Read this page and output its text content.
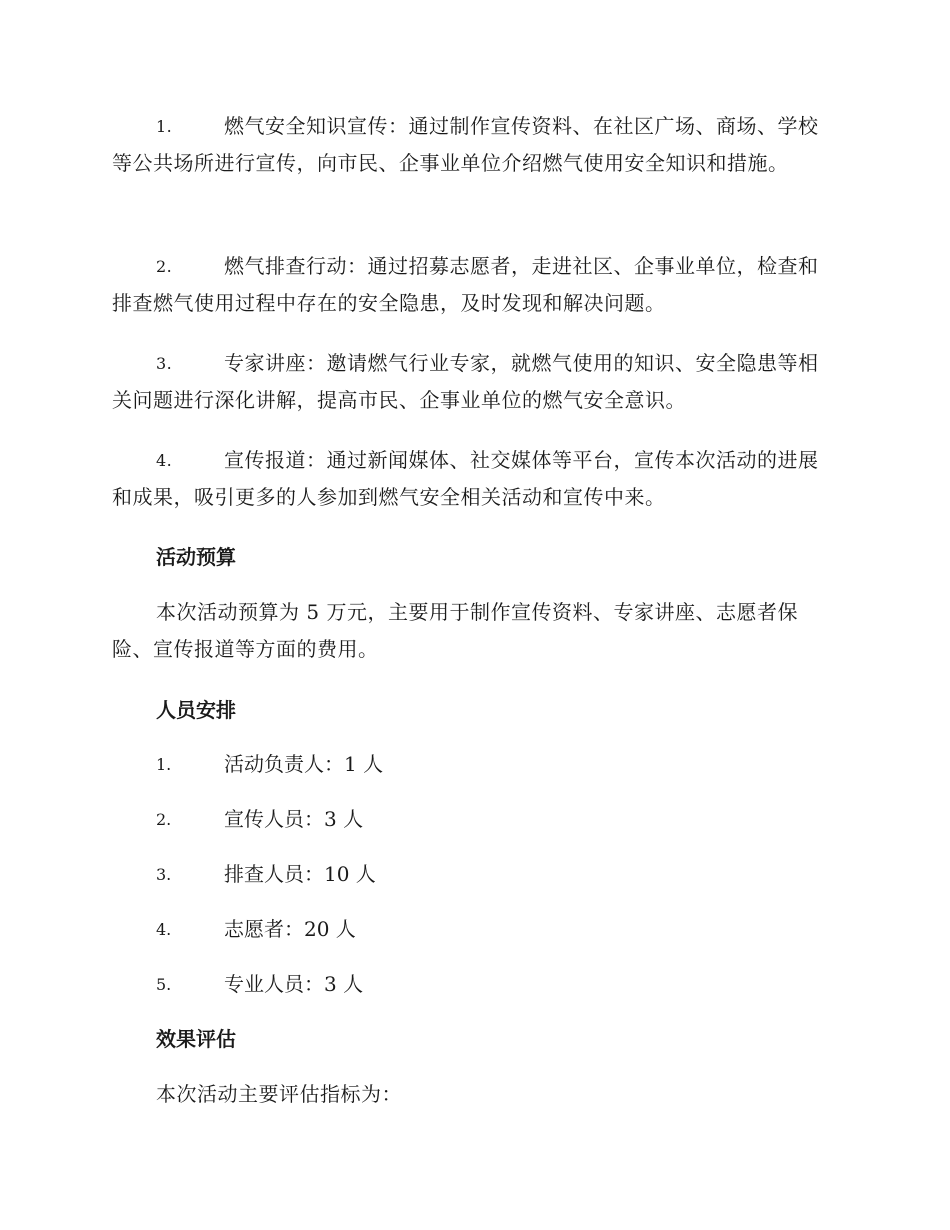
1.	燃气安全知识宣传：通过制作宣传资料、在社区广场、商场、学校等公共场所进行宣传，向市民、企事业单位介绍燃气使用安全知识和措施。

2.	燃气排查行动：通过招募志愿者，走进社区、企事业单位，检查和排查燃气使用过程中存在的安全隐患，及时发现和解决问题。

3.	专家讲座：邀请燃气行业专家，就燃气使用的知识、安全隐患等相关问题进行深化讲解，提高市民、企事业单位的燃气安全意识。

4.	宣传报道：通过新闻媒体、社交媒体等平台，宣传本次活动的进展和成果，吸引更多的人参加到燃气安全相关活动和宣传中来。

活动预算

本次活动预算为 5 万元，主要用于制作宣传资料、专家讲座、志愿者保险、宣传报道等方面的费用。

人员安排
1.	活动负责人：1 人
2.	宣传人员：3 人
3.	排查人员：10 人
4.	志愿者：20 人
5.	专业人员：3 人
效果评估

本次活动主要评估指标为：
